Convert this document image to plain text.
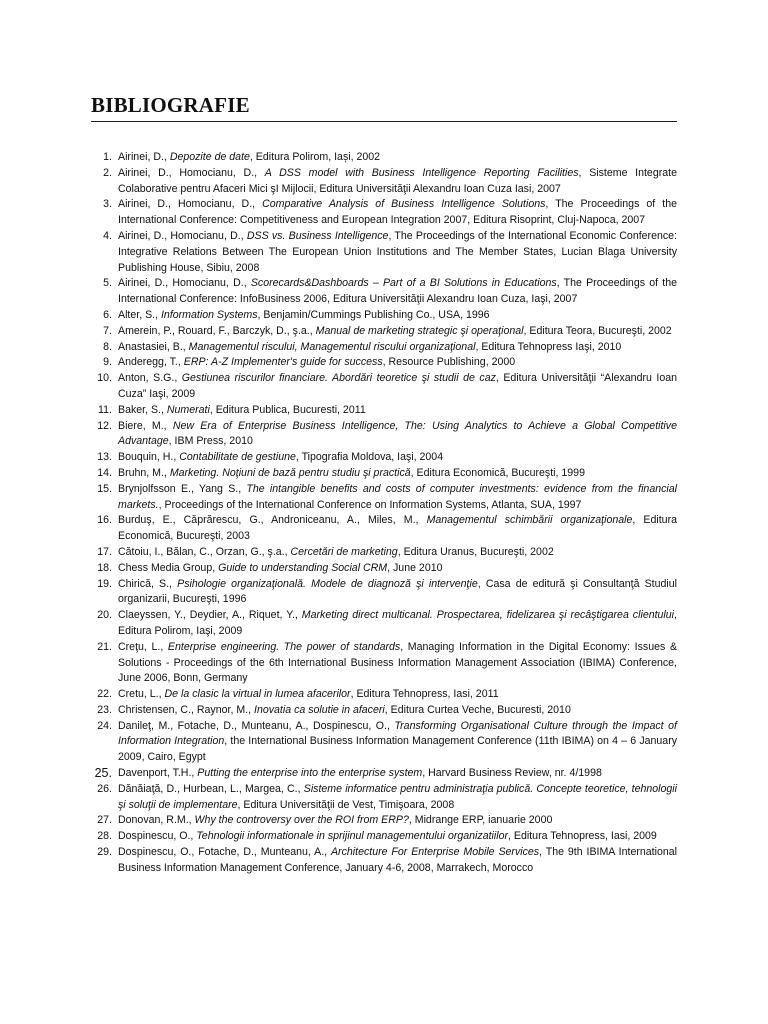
BIBLIOGRAFIE
1. Airinei, D., Depozite de date, Editura Polirom, Iași, 2002
2. Airinei, D., Homocianu, D., A DSS model with Business Intelligence Reporting Facilities, Sisteme Integrate Colaborative pentru Afaceri Mici şI Mijlocii, Editura Universităţii Alexandru Ioan Cuza Iasi, 2007
3. Airinei, D., Homocianu, D., Comparative Analysis of Business Intelligence Solutions, The Proceedings of the International Conference: Competitiveness and European Integration 2007, Editura Risoprint, Cluj-Napoca, 2007
4. Airinei, D., Homocianu, D., DSS vs. Business Intelligence, The Proceedings of the International Economic Conference: Integrative Relations Between The European Union Institutions and The Member States, Lucian Blaga University Publishing House, Sibiu, 2008
5. Airinei, D., Homocianu, D., Scorecards&Dashboards – Part of a BI Solutions in Educations, The Proceedings of the International Conference: InfoBusiness 2006, Editura Universităţii Alexandru Ioan Cuza, Iaşi, 2007
6. Alter, S., Information Systems, Benjamin/Cummings Publishing Co., USA, 1996
7. Amerein, P., Rouard, F., Barczyk, D., ş.a., Manual de marketing strategic şi operaţional, Editura Teora, Bucureşti, 2002
8. Anastasiei, B., Managementul riscului, Managementul riscului organizaţional, Editura Tehnopress Iaşi, 2010
9. Anderegg, T., ERP: A-Z Implementer's guide for success, Resource Publishing, 2000
10. Anton, S.G., Gestiunea riscurilor financiare. Abordări teoretice şi studii de caz, Editura Universităţii “Alexandru Ioan Cuza” Iaşi, 2009
11. Baker, S., Numerati, Editura Publica, Bucuresti, 2011
12. Biere, M., New Era of Enterprise Business Intelligence, The: Using Analytics to Achieve a Global Competitive Advantage, IBM Press, 2010
13. Bouquin, H., Contabilitate de gestiune, Tipografia Moldova, Iaşi, 2004
14. Bruhn, M., Marketing. Noţiuni de bază pentru studiu şi practică, Editura Economică, Bucureşti, 1999
15. Brynjolfsson E., Yang S., The intangible benefits and costs of computer investments: evidence from the financial markets., Proceedings of the International Conference on Information Systems, Atlanta, SUA, 1997
16. Burduş, E., Căprărescu, G., Androniceanu, A., Miles, M., Managementul schimbării organizaţionale, Editura Economică, Bucureşti, 2003
17. Cătoiu, I., Bălan, C., Orzan, G., ş.a., Cercetări de marketing, Editura Uranus, Bucureşti, 2002
18. Chess Media Group, Guide to understanding Social CRM, June 2010
19. Chirică, S., Psihologie organizaţională. Modele de diagnoză şi intervenţie, Casa de editură şi Consultanţă Studiul organizarii, Bucureşti, 1996
20. Claeyssen, Y., Deydier, A., Riquet, Y., Marketing direct multicanal. Prospectarea, fidelizarea şi recâştigarea clientului, Editura Polirom, Iaşi, 2009
21. Creţu, L., Enterprise engineering. The power of standards, Managing Information in the Digital Economy: Issues & Solutions - Proceedings of the 6th International Business Information Management Association (IBIMA) Conference, June 2006, Bonn, Germany
22. Cretu, L., De la clasic la virtual in lumea afacerilor, Editura Tehnopress, Iasi, 2011
23. Christensen, C., Raynor, M., Inovatia ca solutie in afaceri, Editura Curtea Veche, Bucuresti, 2010
24. Danileţ, M., Fotache, D., Munteanu, A., Dospinescu, O., Transforming Organisational Culture through the Impact of Information Integration, the International Business Information Management Conference (11th IBIMA) on 4 – 6 January 2009, Cairo, Egypt
25. Davenport, T.H., Putting the enterprise into the enterprise system, Harvard Business Review, nr. 4/1998
26. Dănăiaţă, D., Hurbean, L., Margea, C., Sisteme informatice pentru administraţia publică. Concepte teoretice, tehnologii şi soluţii de implementare, Editura Universităţii de Vest, Timişoara, 2008
27. Donovan, R.M., Why the controversy over the ROI from ERP?, Midrange ERP, ianuarie 2000
28. Dospinescu, O., Tehnologii informationale in sprijinul managementului organizatiilor, Editura Tehnopress, Iasi, 2009
29. Dospinescu, O., Fotache, D., Munteanu, A., Architecture For Enterprise Mobile Services, The 9th IBIMA International Business Information Management Conference, January 4-6, 2008, Marrakech, Morocco
